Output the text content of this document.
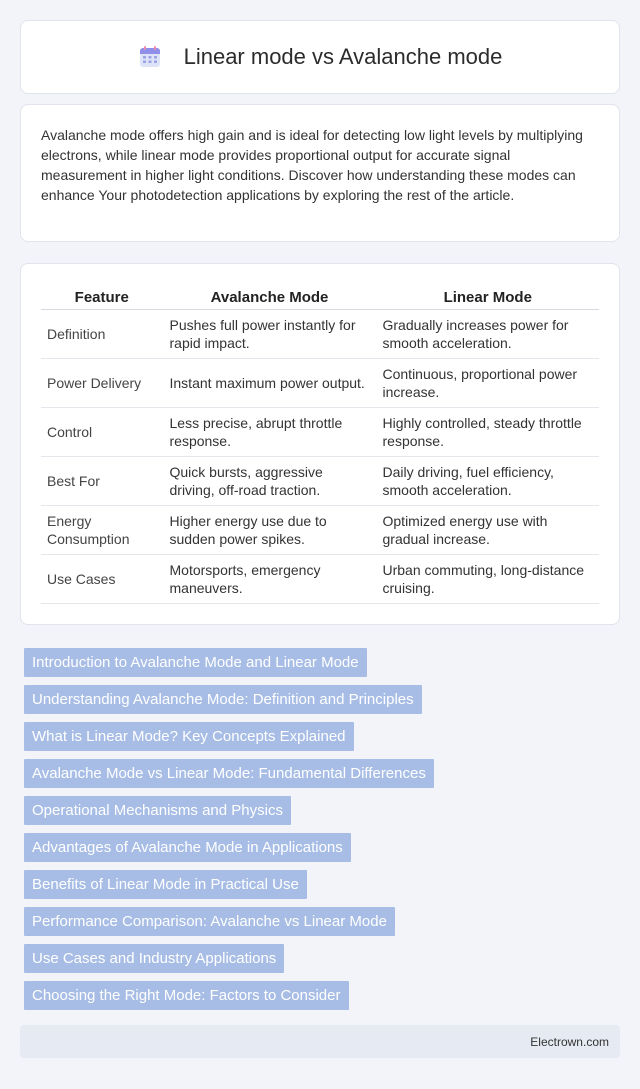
Linear mode vs Avalanche mode

Avalanche mode offers high gain and is ideal for detecting low light levels by multiplying electrons, while linear mode provides proportional output for accurate signal measurement in higher light conditions. Discover how understanding these modes can enhance Your photodetection applications by exploring the rest of the article.

Feature	Avalanche Mode	Linear Mode
Definition	Pushes full power instantly for rapid impact.	Gradually increases power for smooth acceleration.
Power Delivery	Instant maximum power output.	Continuous, proportional power increase.
Control	Less precise, abrupt throttle response.	Highly controlled, steady throttle response.
Best For	Quick bursts, aggressive driving, off-road traction.	Daily driving, fuel efficiency, smooth acceleration.
Energy Consumption	Higher energy use due to sudden power spikes.	Optimized energy use with gradual increase.
Use Cases	Motorsports, emergency maneuvers.	Urban commuting, long-distance cruising.
Introduction to Avalanche Mode and Linear Mode
Understanding Avalanche Mode: Definition and Principles
What is Linear Mode? Key Concepts Explained
Avalanche Mode vs Linear Mode: Fundamental Differences
Operational Mechanisms and Physics
Advantages of Avalanche Mode in Applications
Benefits of Linear Mode in Practical Use
Performance Comparison: Avalanche vs Linear Mode
Use Cases and Industry Applications
Choosing the Right Mode: Factors to Consider
Electrown.com
